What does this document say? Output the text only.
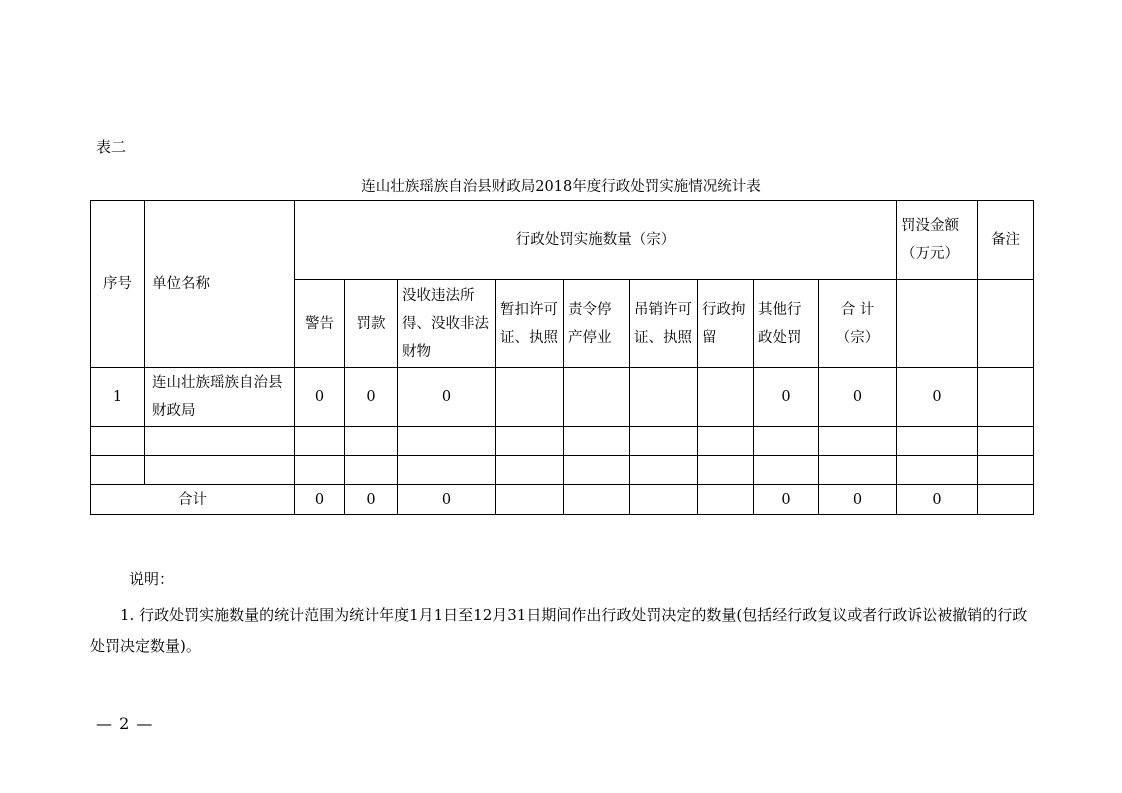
表二
连山壮族瑶族自治县财政局2018年度行政处罚实施情况统计表
序号	单位名称	行政处罚实施数量（宗）									罚没金额（万元）	备注
		警告	罚款	没收违法所得、没收非法财物	暂扣许可证、执照	责令停产停业	吊销许可证、执照	行政拘留	其他行政处罚	合 计（宗）		
1	连山壮族瑶族自治县财政局	0	0	0					0	0	0	

合计		0	0	0					0	0	0	
说明：
1. 行政处罚实施数量的统计范围为统计年度1月1日至12月31日期间作出行政处罚决定的数量(包括经行政复议或者行政诉讼被撤销的行政处罚决定数量)。
— 2 —
